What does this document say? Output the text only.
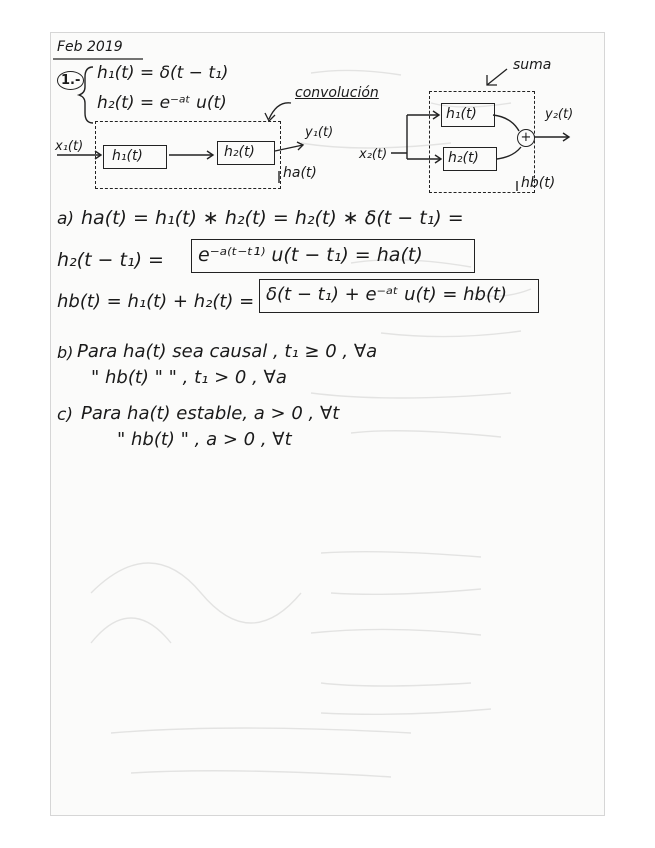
Feb 2019
1.- h₁(t) = δ(t − t₁)
h₂(t) = e⁻ᵃᵗ u(t)	convolución
suma
x₁(t)
h₁(t)	h₂(t)
y₁(t)
ha(t)
x₂(t)
h₁(t)
h₂(t)
+
y₂(t)
hb(t)
a) ha(t) = h₁(t) ∗ h₂(t) = h₂(t) ∗ δ(t − t₁) =
h₂(t − t₁) = e⁻ᵃ⁽ᵗ⁻ᵗ¹⁾ u(t − t₁) = ha(t)
hb(t) = h₁(t) + h₂(t) = δ(t − t₁) + e⁻ᵃᵗ u(t) = hb(t)
b) Para ha(t) sea causal , t₁ ≥ 0 , ∀a
" hb(t) " " , t₁ > 0 , ∀a
c) Para ha(t) estable, a > 0 , ∀t
" hb(t) " , a > 0 , ∀t
